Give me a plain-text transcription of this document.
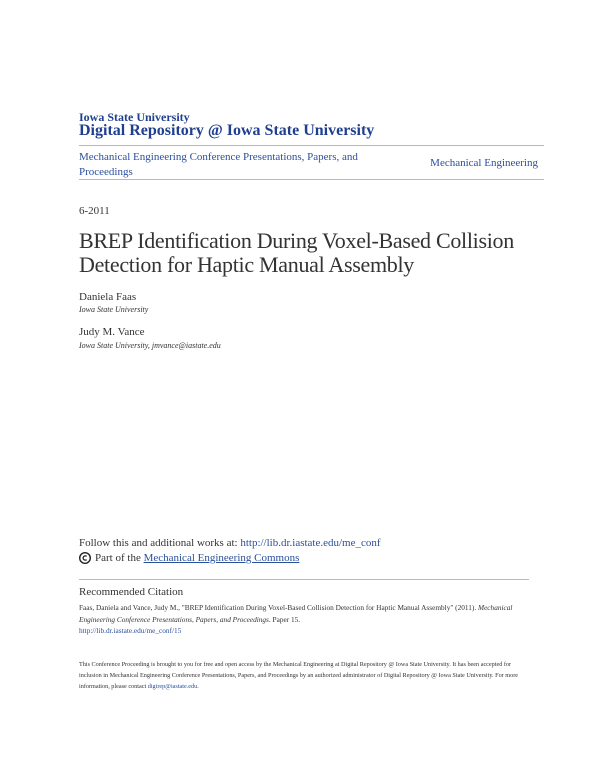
Iowa State University
Digital Repository @ Iowa State University
Mechanical Engineering Conference Presentations, Papers, and Proceedings
Mechanical Engineering
6-2011
BREP Identification During Voxel-Based Collision Detection for Haptic Manual Assembly
Daniela Faas
Iowa State University
Judy M. Vance
Iowa State University, jmvance@iastate.edu
Follow this and additional works at: http://lib.dr.iastate.edu/me_conf
Part of the
Mechanical Engineering Commons
Recommended Citation
Faas, Daniela and Vance, Judy M., "BREP Identification During Voxel-Based Collision Detection for Haptic Manual Assembly" (2011). Mechanical Engineering Conference Presentations, Papers, and Proceedings. Paper 15.
http://lib.dr.iastate.edu/me_conf/15
This Conference Proceeding is brought to you for free and open access by the Mechanical Engineering at Digital Repository @ Iowa State University. It has been accepted for inclusion in Mechanical Engineering Conference Presentations, Papers, and Proceedings by an authorized administrator of Digital Repository @ Iowa State University. For more information, please contact digirep@iastate.edu.
